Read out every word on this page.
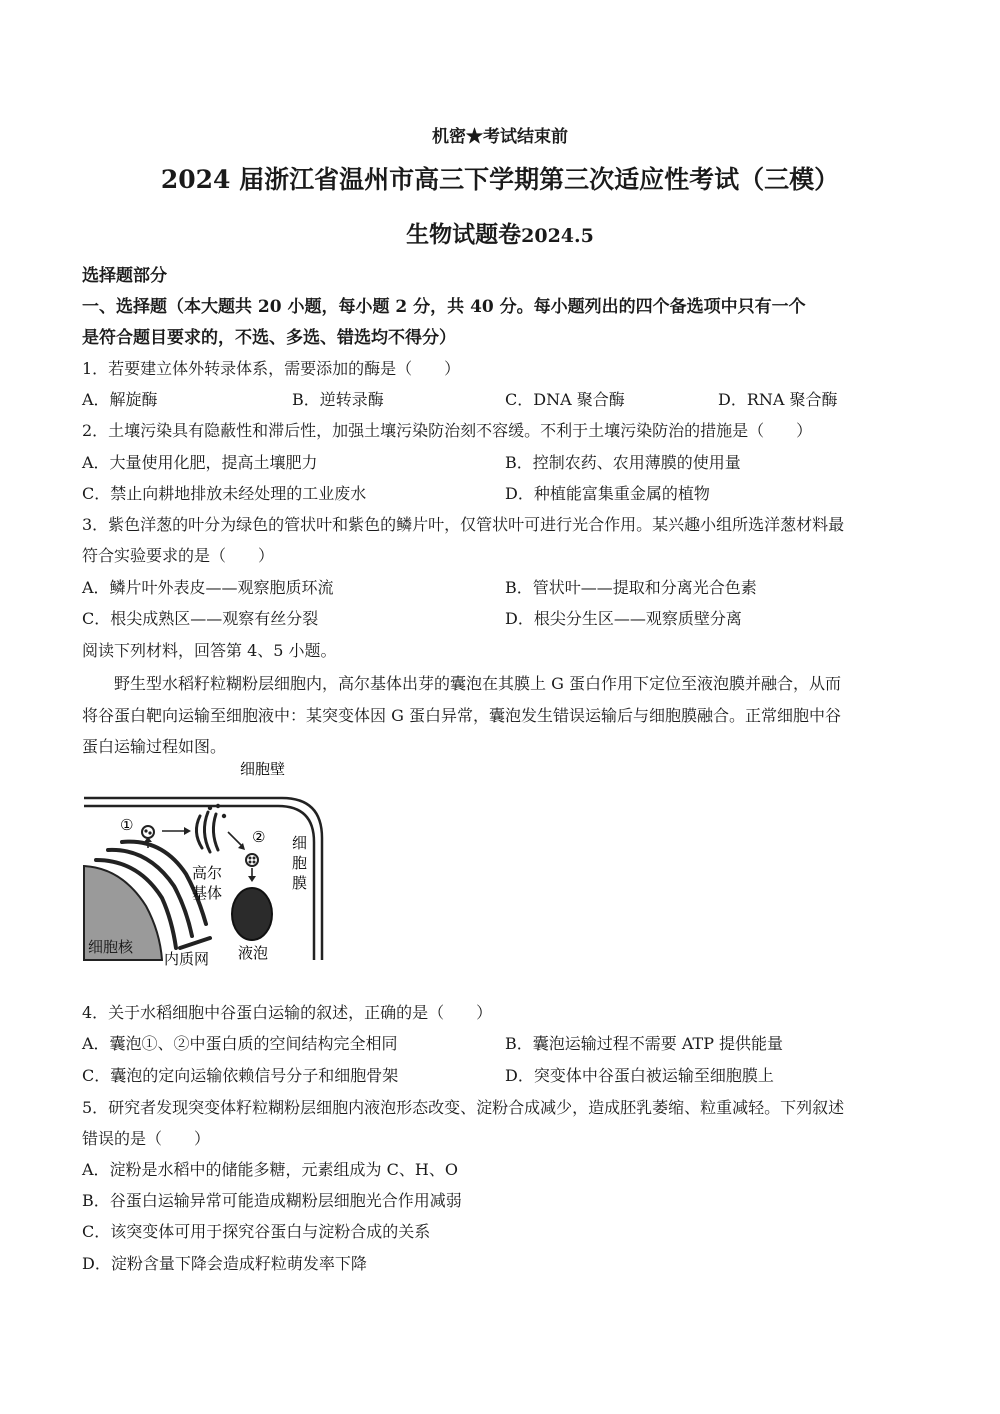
机密★考试结束前
2024 届浙江省温州市高三下学期第三次适应性考试（三模）
生物试题卷2024.5
选择题部分
一、选择题（本大题共 20 小题，每小题 2 分，共 40 分。每小题列出的四个备选项中只有一个
是符合题目要求的，不选、多选、错选均不得分）
1．若要建立体外转录体系，需要添加的酶是（　　）
A．解旋酶	B．逆转录酶	C．DNA 聚合酶	D．RNA 聚合酶
2．土壤污染具有隐蔽性和滞后性，加强土壤污染防治刻不容缓。不利于土壤污染防治的措施是（　　）
A．大量使用化肥，提高土壤肥力	B．控制农药、农用薄膜的使用量
C．禁止向耕地排放未经处理的工业废水	D．种植能富集重金属的植物
3．紫色洋葱的叶分为绿色的管状叶和紫色的鳞片叶，仅管状叶可进行光合作用。某兴趣小组所选洋葱材料最
符合实验要求的是（　　）
A．鳞片叶外表皮——观察胞质环流	B．管状叶——提取和分离光合色素
C．根尖成熟区——观察有丝分裂	D．根尖分生区——观察质壁分离
阅读下列材料，回答第 4、5 小题。
野生型水稻籽粒糊粉层细胞内，高尔基体出芽的囊泡在其膜上 G 蛋白作用下定位至液泡膜并融合，从而
将谷蛋白靶向运输至细胞液中：某突变体因 G 蛋白异常，囊泡发生错误运输后与细胞膜融合。正常细胞中谷
蛋白运输过程如图。
细胞壁
细
胞
膜
细胞核
内质网
①
高尔
基体
②
液泡
4．关于水稻细胞中谷蛋白运输的叙述，正确的是（　　）
A．囊泡①、②中蛋白质的空间结构完全相同	B．囊泡运输过程不需要 ATP 提供能量
C．囊泡的定向运输依赖信号分子和细胞骨架	D．突变体中谷蛋白被运输至细胞膜上
5．研究者发现突变体籽粒糊粉层细胞内液泡形态改变、淀粉合成减少，造成胚乳萎缩、粒重减轻。下列叙述
错误的是（　　）
A．淀粉是水稻中的储能多糖，元素组成为 C、H、O
B．谷蛋白运输异常可能造成糊粉层细胞光合作用减弱
C．该突变体可用于探究谷蛋白与淀粉合成的关系
D．淀粉含量下降会造成籽粒萌发率下降
